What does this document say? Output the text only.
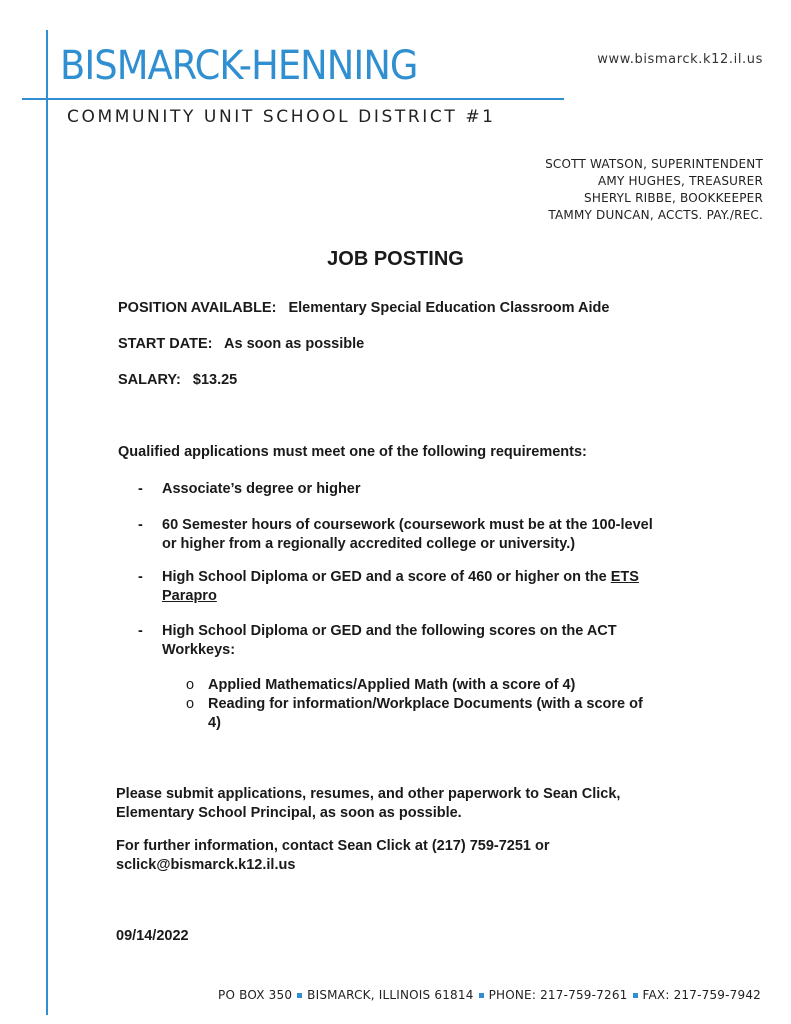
BISMARCK-HENNING
COMMUNITY UNIT SCHOOL DISTRICT #1
www.bismarck.k12.il.us
SCOTT WATSON, SUPERINTENDENT
AMY HUGHES, TREASURER
SHERYL RIBBE, BOOKKEEPER
TAMMY DUNCAN, ACCTS. PAY./REC.
JOB POSTING
POSITION AVAILABLE: Elementary Special Education Classroom Aide
START DATE: As soon as possible
SALARY: $13.25
Qualified applications must meet one of the following requirements:
- Associate’s degree or higher
- 60 Semester hours of coursework (coursework must be at the 100-level or higher from a regionally accredited college or university.)
- High School Diploma or GED and a score of 460 or higher on the ETS Parapro
- High School Diploma or GED and the following scores on the ACT Workkeys:
o Applied Mathematics/Applied Math (with a score of 4)
o Reading for information/Workplace Documents (with a score of 4)
Please submit applications, resumes, and other paperwork to Sean Click, Elementary School Principal, as soon as possible.
For further information, contact Sean Click at (217) 759-7251 or sclick@bismarck.k12.il.us
09/14/2022
PO BOX 350 BISMARCK, ILLINOIS 61814 PHONE: 217-759-7261 FAX: 217-759-7942
